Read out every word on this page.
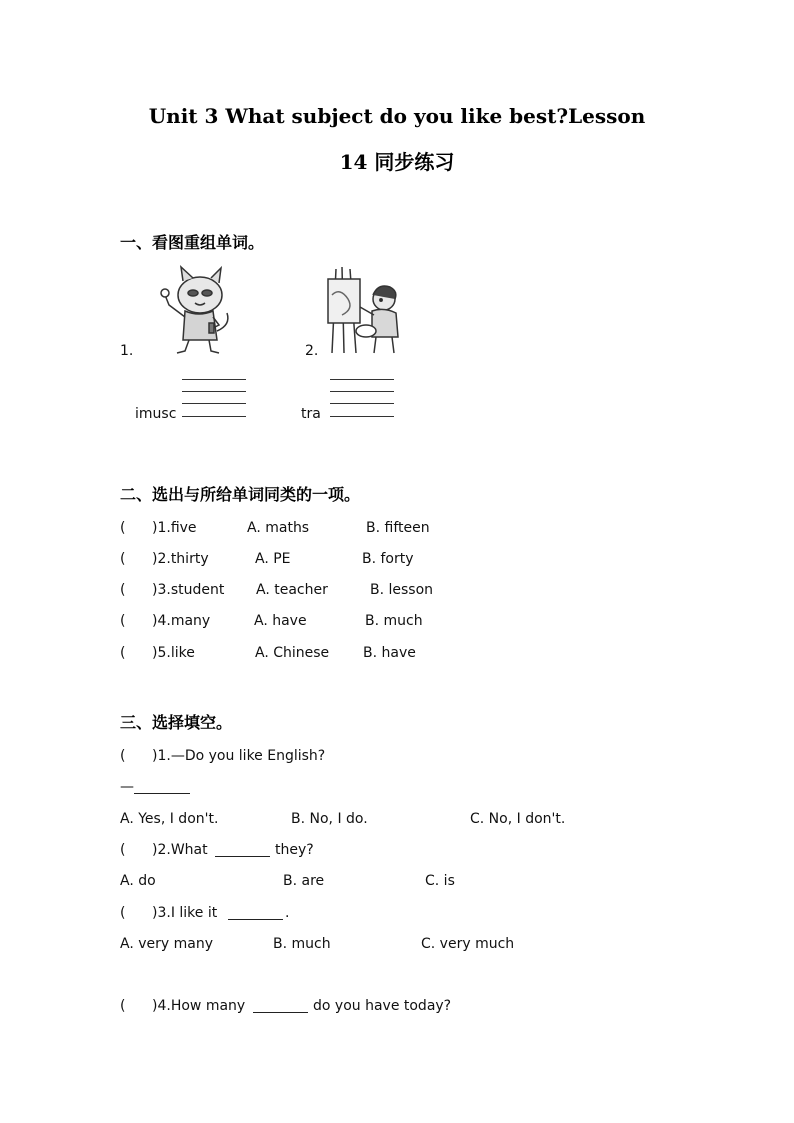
Unit 3 What subject do you like best?Lesson
14 同步练习
一、看图重组单词。
1.	2.
imusc	tra
二、选出与所给单词同类的一项。
( )1.five	A. maths	B. fifteen
( )2.thirty	A. PE	B. forty
( )3.student A. teacher	B. lesson
( )4.many	A. have	B. much
( )5.like	A. Chinese B. have
三、选择填空。
( )1.—Do you like English?
—
A. Yes, I don't.	B. No, I do.	C. No, I don't.
( )2.What	they?
A. do	B. are	C. is
( )3.I like it	.
A. very many	B. much	C. very much
( )4.How many	do you have today?
